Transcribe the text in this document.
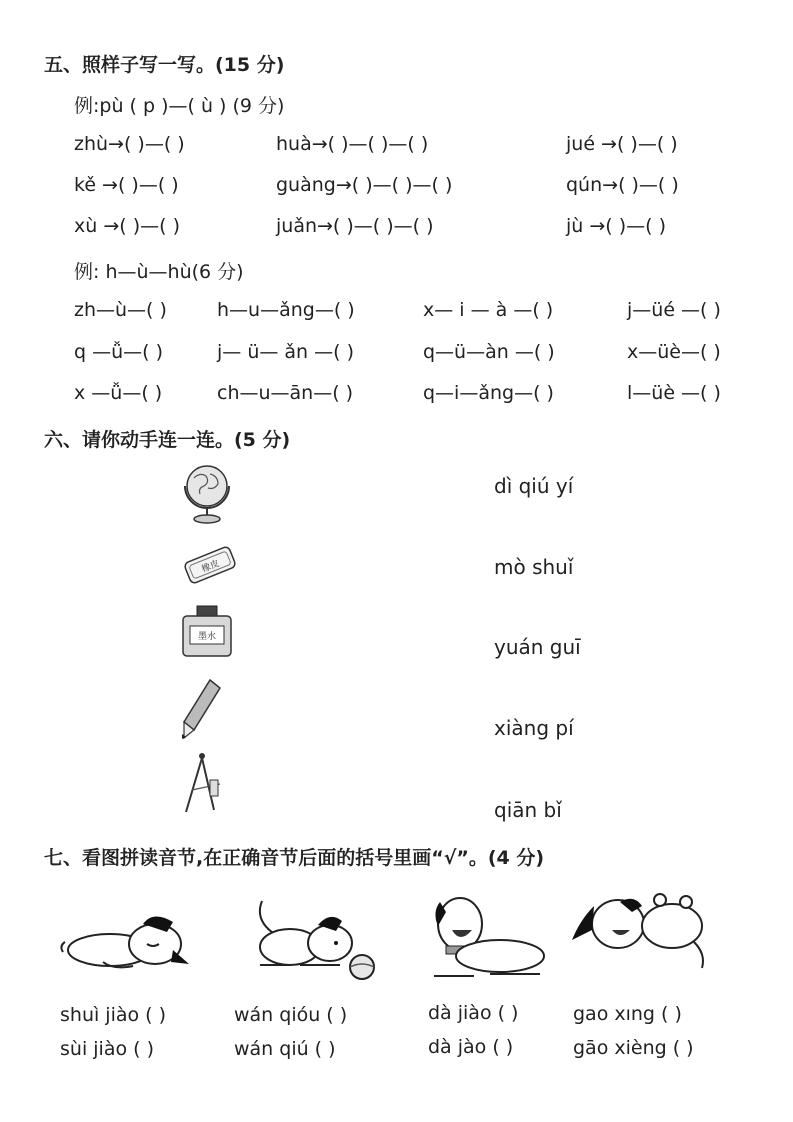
五、照样子写一写。(15 分)
例:pù ( p )—( ù ) (9 分)
zhù→( )—( )	huà→( )—( )—( )	jué →( )—( )
kě →( )—( )	guàng→( )—( )—( )	qún→( )—( )
xù →( )—( )	juǎn→( )—( )—( )	jù →( )—( )
例: h—ù—hù(6 分)
zh—ù—( )	h—u—ǎng—( )	x— i — à —( )	j—üé —( )
q —ǚ—( )	j— ü— ǎn —( )	q—ü—àn —( )	x—üè—( )
x —ǚ—( )	ch—u—ān—( )	q—i—ǎng—( )	l—üè —( )
六、请你动手连一连。(5 分)
橡皮
墨水
dì qiú yí
mò shuǐ
yuán guī
xiàng pí
qiān bǐ
七、看图拼读音节,在正确音节后面的括号里画“√”。(4 分)
shuì jiào ( )
sùi jiào ( )
wán qióu ( )
wán qiú ( )
dà jiào ( )
dà jào ( )
gao xıng ( )
gāo xièng ( )
